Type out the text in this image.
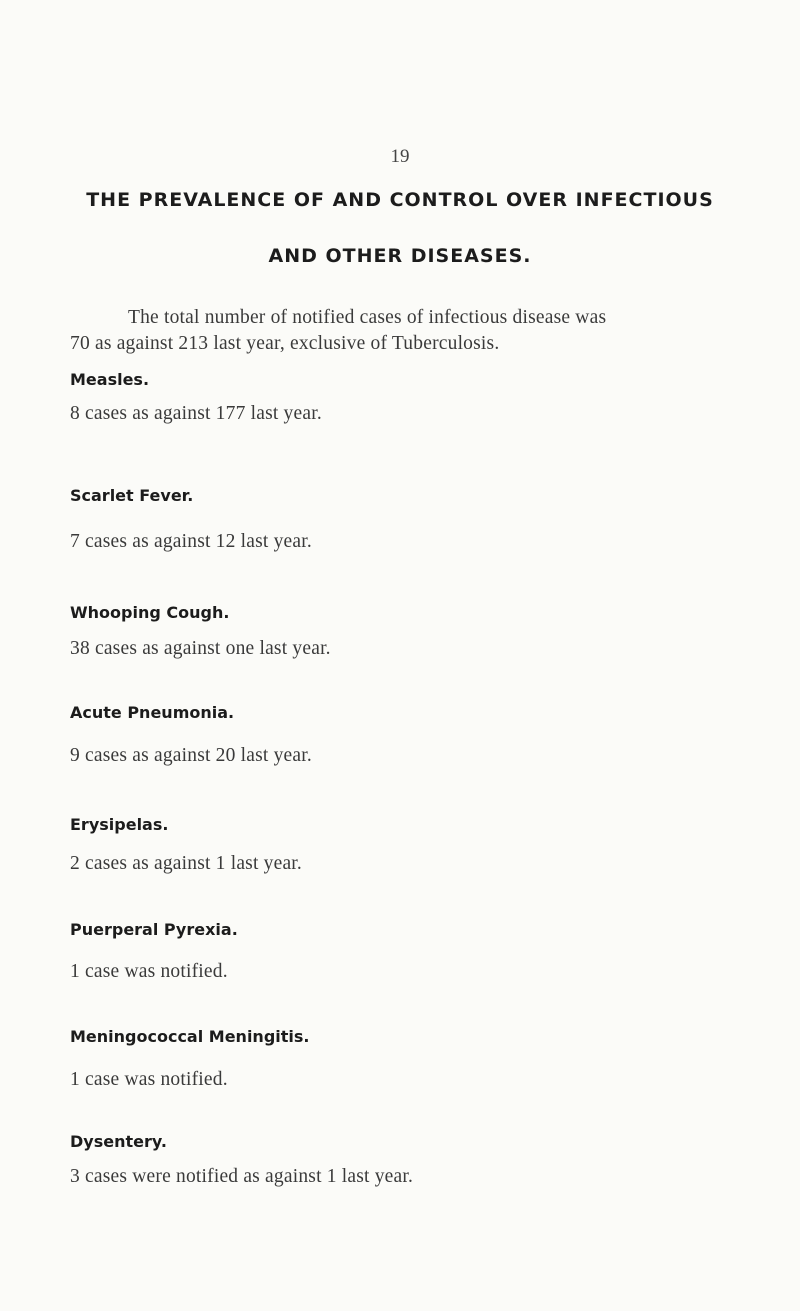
19
THE PREVALENCE OF AND CONTROL OVER INFECTIOUS
AND OTHER DISEASES.
The total number of notified cases of infectious disease was
70 as against 213 last year, exclusive of Tuberculosis.
Measles.
8 cases as against 177 last year.
Scarlet Fever.
7 cases as against 12 last year.
Whooping Cough.
38 cases as against one last year.
Acute Pneumonia.
9 cases as against 20 last year.
Erysipelas.
2 cases as against 1 last year.
Puerperal Pyrexia.
1 case was notified.
Meningococcal Meningitis.
1 case was notified.
Dysentery.
3 cases were notified as against 1 last year.
